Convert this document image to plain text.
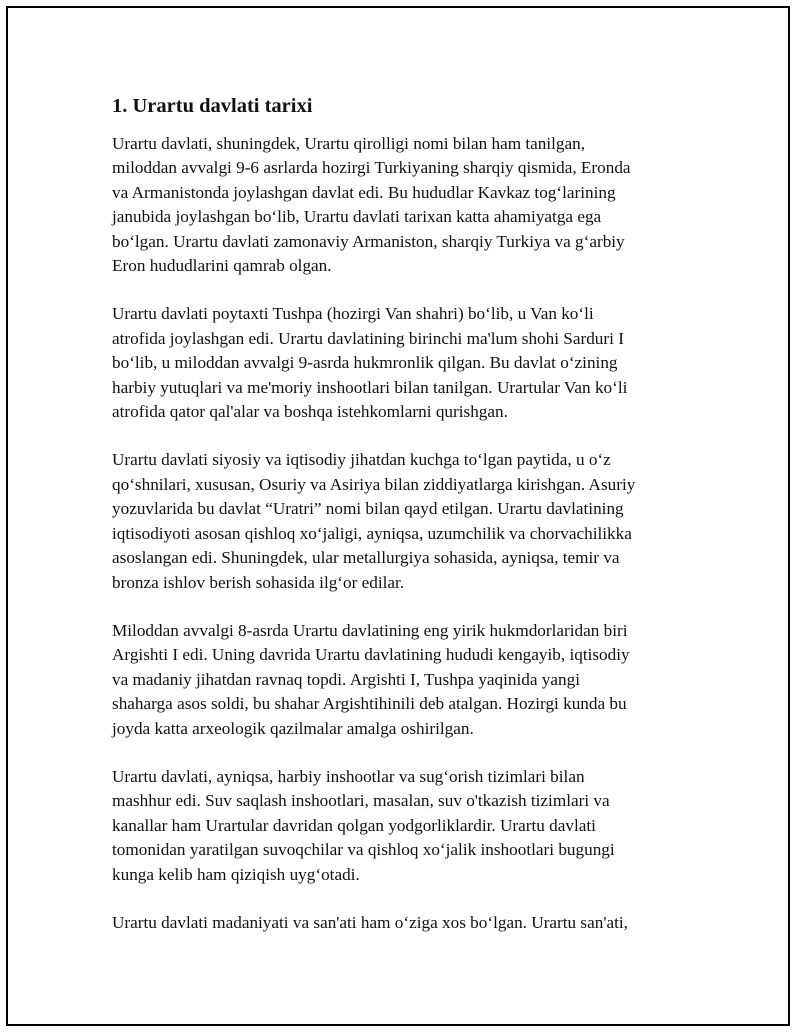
1. Urartu davlati tarixi

Urartu davlati, shuningdek, Urartu qirolligi nomi bilan ham tanilgan,
miloddan avvalgi 9-6 asrlarda hozirgi Turkiyaning sharqiy qismida, Eronda
va Armanistonda joylashgan davlat edi. Bu hududlar Kavkaz tog‘larining
janubida joylashgan bo‘lib, Urartu davlati tarixan katta ahamiyatga ega
bo‘lgan. Urartu davlati zamonaviy Armaniston, sharqiy Turkiya va g‘arbiy
Eron hududlarini qamrab olgan.

Urartu davlati poytaxti Tushpa (hozirgi Van shahri) bo‘lib, u Van ko‘li
atrofida joylashgan edi. Urartu davlatining birinchi ma'lum shohi Sarduri I
bo‘lib, u miloddan avvalgi 9-asrda hukmronlik qilgan. Bu davlat o‘zining
harbiy yutuqlari va me'moriy inshootlari bilan tanilgan. Urartular Van ko‘li
atrofida qator qal'alar va boshqa istehkomlarni qurishgan.

Urartu davlati siyosiy va iqtisodiy jihatdan kuchga to‘lgan paytida, u o‘z
qo‘shnilari, xususan, Osuriy va Asiriya bilan ziddiyatlarga kirishgan. Asuriy
yozuvlarida bu davlat “Uratri” nomi bilan qayd etilgan. Urartu davlatining
iqtisodiyoti asosan qishloq xo‘jaligi, ayniqsa, uzumchilik va chorvachilikka
asoslangan edi. Shuningdek, ular metallurgiya sohasida, ayniqsa, temir va
bronza ishlov berish sohasida ilg‘or edilar.

Miloddan avvalgi 8-asrda Urartu davlatining eng yirik hukmdorlaridan biri
Argishti I edi. Uning davrida Urartu davlatining hududi kengayib, iqtisodiy
va madaniy jihatdan ravnaq topdi. Argishti I, Tushpa yaqinida yangi
shaharga asos soldi, bu shahar Argishtihinili deb atalgan. Hozirgi kunda bu
joyda katta arxeologik qazilmalar amalga oshirilgan.

Urartu davlati, ayniqsa, harbiy inshootlar va sug‘orish tizimlari bilan
mashhur edi. Suv saqlash inshootlari, masalan, suv o'tkazish tizimlari va
kanallar ham Urartular davridan qolgan yodgorliklardir. Urartu davlati
tomonidan yaratilgan suvoqchilar va qishloq xo‘jalik inshootlari bugungi
kunga kelib ham qiziqish uyg‘otadi.

Urartu davlati madaniyati va san'ati ham o‘ziga xos bo‘lgan. Urartu san'ati,
